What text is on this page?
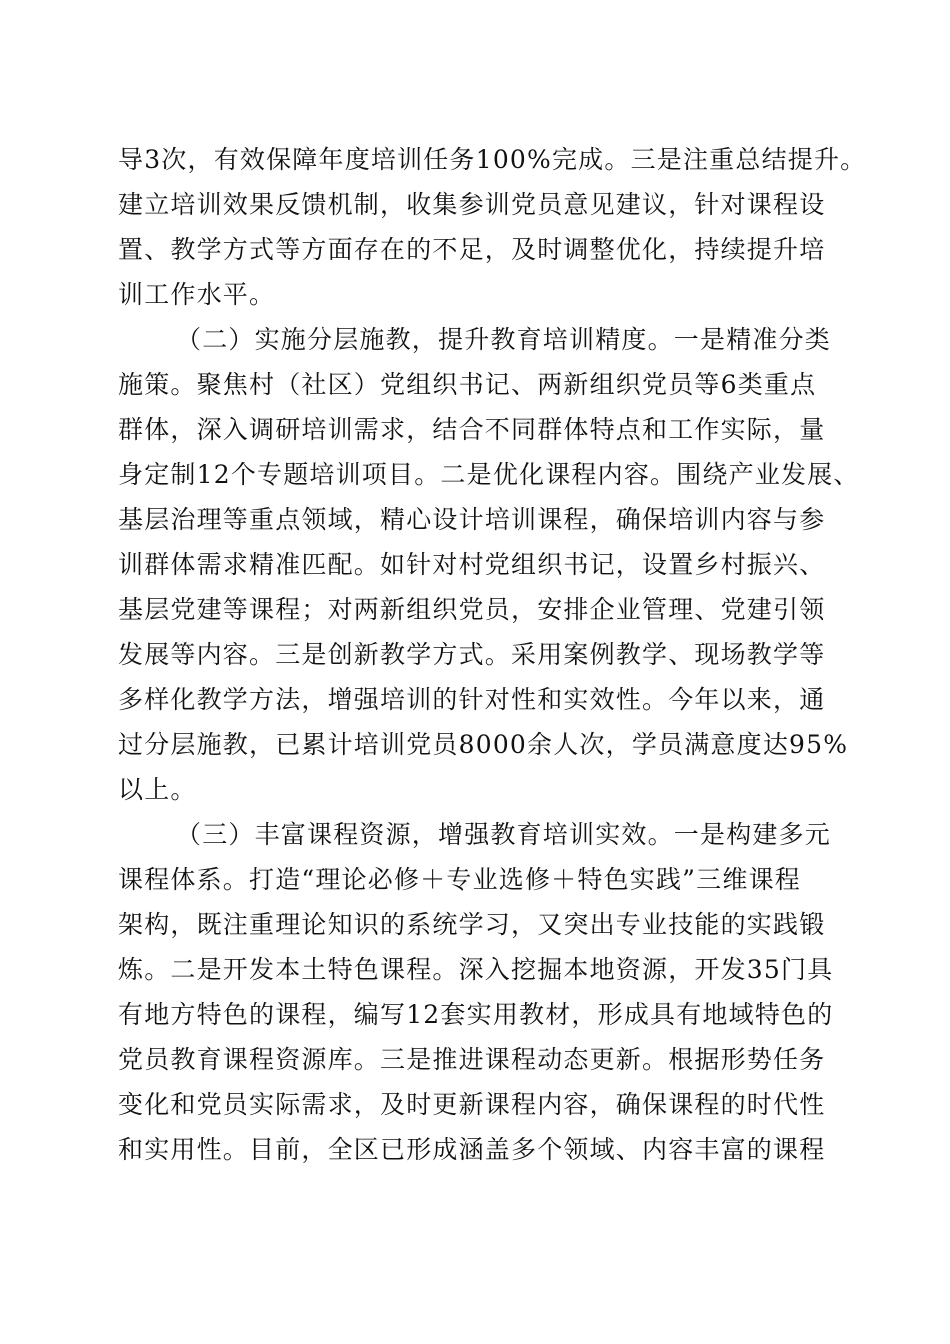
导3次，有效保障年度培训任务100%完成。三是注重总结提升。
建立培训效果反馈机制，收集参训党员意见建议，针对课程设
置、教学方式等方面存在的不足，及时调整优化，持续提升培
训工作水平。
（二）实施分层施教，提升教育培训精度。一是精准分类
施策。聚焦村（社区）党组织书记、两新组织党员等6类重点
群体，深入调研培训需求，结合不同群体特点和工作实际，量
身定制12个专题培训项目。二是优化课程内容。围绕产业发展、
基层治理等重点领域，精心设计培训课程，确保培训内容与参
训群体需求精准匹配。如针对村党组织书记，设置乡村振兴、
基层党建等课程；对两新组织党员，安排企业管理、党建引领
发展等内容。三是创新教学方式。采用案例教学、现场教学等
多样化教学方法，增强培训的针对性和实效性。今年以来，通
过分层施教，已累计培训党员8000余人次，学员满意度达95%
以上。
（三）丰富课程资源，增强教育培训实效。一是构建多元
课程体系。打造“理论必修＋专业选修＋特色实践”三维课程
架构，既注重理论知识的系统学习，又突出专业技能的实践锻
炼。二是开发本土特色课程。深入挖掘本地资源，开发35门具
有地方特色的课程，编写12套实用教材，形成具有地域特色的
党员教育课程资源库。三是推进课程动态更新。根据形势任务
变化和党员实际需求，及时更新课程内容，确保课程的时代性
和实用性。目前，全区已形成涵盖多个领域、内容丰富的课程
